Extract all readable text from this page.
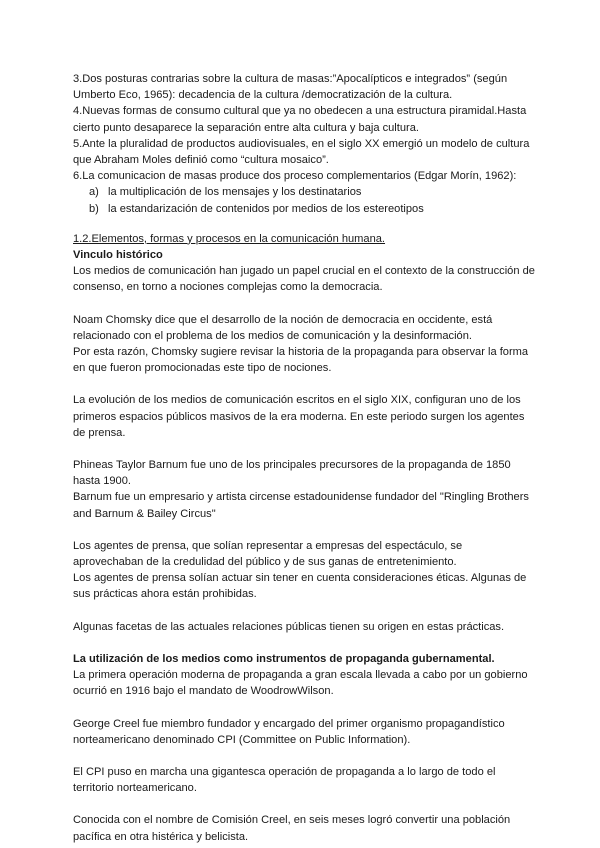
3.Dos posturas contrarias sobre la cultura de masas:”Apocalípticos e integrados” (según Umberto Eco, 1965): decadencia de la cultura /democratización de la cultura.

4.Nuevas formas de consumo cultural que ya no obedecen a una estructura piramidal.Hasta cierto punto desaparece la separación entre alta cultura y baja cultura.

5.Ante la pluralidad de productos audiovisuales, en el siglo XX emergió un modelo de cultura que Abraham Moles definió como “cultura mosaico”.

6.La comunicacion de masas produce dos proceso complementarios (Edgar Morín, 1962):

a) la multiplicación de los mensajes y los destinatarios
b) la estandarización de contenidos por medios de los estereotipos

1.2.Elementos, formas y procesos en la comunicación humana.

Vinculo histórico

Los medios de comunicación han jugado un papel crucial en el contexto de la construcción de consenso, en torno a nociones complejas como la democracia.

Noam Chomsky dice que el desarrollo de la noción de democracia en occidente, está relacionado con el problema de los medios de comunicación y la desinformación.

Por esta razón, Chomsky sugiere revisar la historia de la propaganda para observar la forma en que fueron promocionadas este tipo de nociones.

La evolución de los medios de comunicación escritos en el siglo XIX, configuran uno de los primeros espacios públicos masivos de la era moderna. En este periodo surgen los agentes de prensa.

Phineas Taylor Barnum fue uno de los principales precursores de la propaganda de 1850 hasta 1900.

Barnum fue un empresario y artista circense estadounidense fundador del "Ringling Brothers and Barnum & Bailey Circus"

Los agentes de prensa, que solían representar a empresas del espectáculo, se aprovechaban de la credulidad del público y de sus ganas de entretenimiento.

Los agentes de prensa solían actuar sin tener en cuenta consideraciones éticas. Algunas de sus prácticas ahora están prohibidas.

Algunas facetas de las actuales relaciones públicas tienen su origen en estas prácticas.

La utilización de los medios como instrumentos de propaganda gubernamental.

La primera operación moderna de propaganda a gran escala llevada a cabo por un gobierno ocurrió en 1916 bajo el mandato de WoodrowWilson.

George Creel fue miembro fundador y encargado del primer organismo propagandístico norteamericano denominado CPI (Committee on Public Information).

El CPI puso en marcha una gigantesca operación de propaganda a lo largo de todo el territorio norteamericano.

Conocida con el nombre de Comisión Creel, en seis meses logró convertir una población pacífica en otra histérica y belicista.
